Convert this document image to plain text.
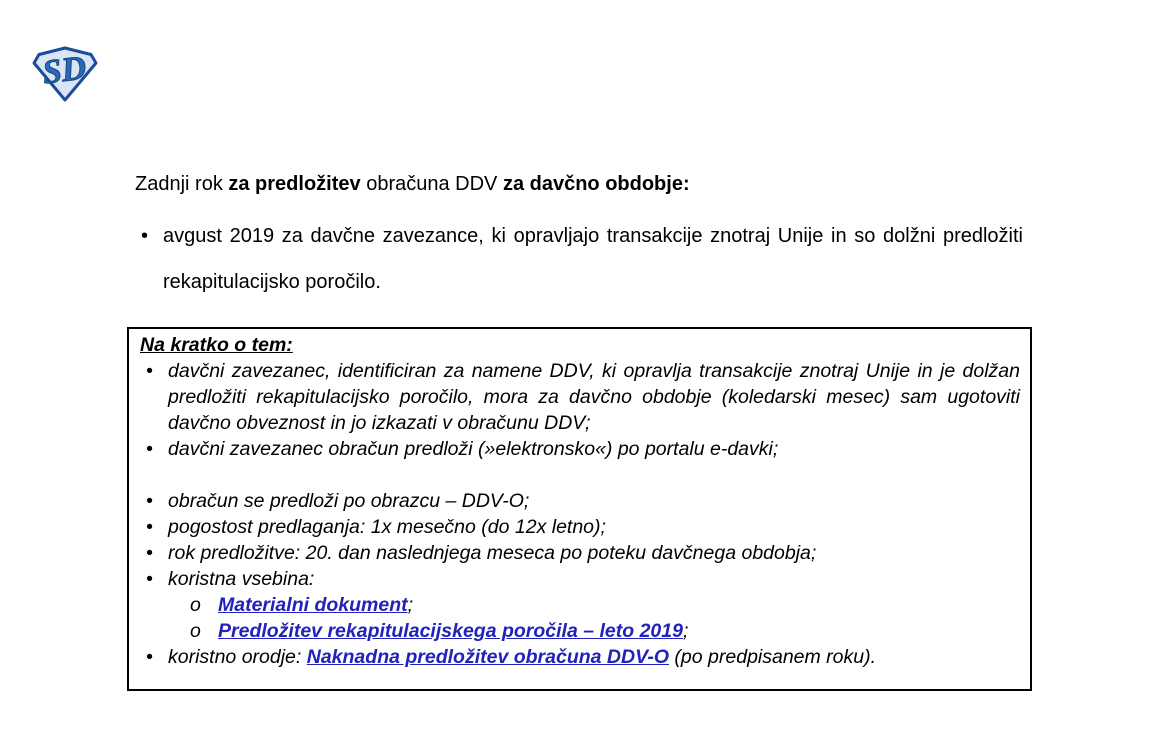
SD

Zadnji rok za predložitev obračuna DDV za davčno obdobje:

• avgust 2019 za davčne zavezance, ki opravljajo transakcije znotraj Unije in so dolžni predložiti rekapitulacijsko poročilo.

Na kratko o tem:

• davčni zavezanec, identificiran za namene DDV, ki opravlja transakcije znotraj Unije in je dolžan predložiti rekapitulacijsko poročilo, mora za davčno obdobje (koledarski mesec) sam ugotoviti davčno obveznost in jo izkazati v obračunu DDV;
• davčni zavezanec obračun predloži (»elektronsko«) po portalu e-davki;
• obračun se predloži po obrazcu – DDV-O;
• pogostost predlaganja: 1x mesečno (do 12x letno);
• rok predložitve: 20. dan naslednjega meseca po poteku davčnega obdobja;
• koristna vsebina:
o Materialni dokument;
o Predložitev rekapitulacijskega poročila – leto 2019;
• koristno orodje: Naknadna predložitev obračuna DDV-O (po predpisanem roku).
